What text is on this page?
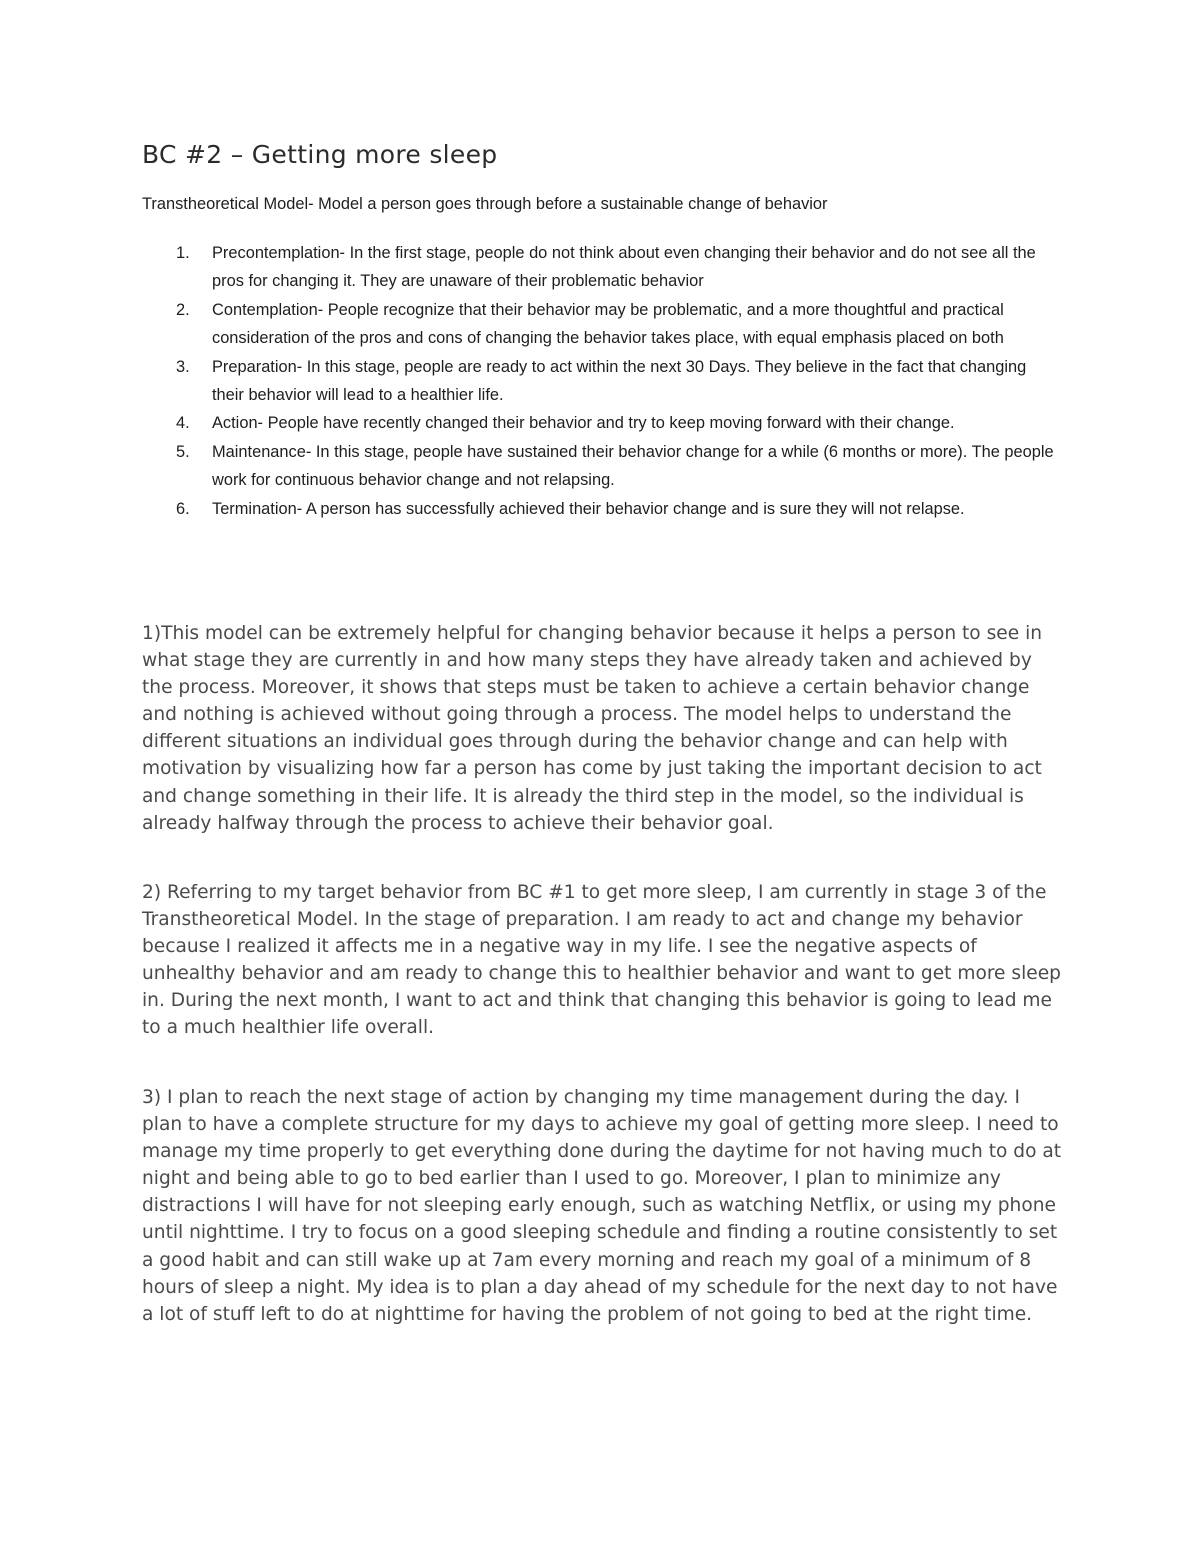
BC #2 – Getting more sleep

Transtheoretical Model- Model a person goes through before a sustainable change of behavior

1. Precontemplation- In the first stage, people do not think about even changing their behavior and do not see all the pros for changing it. They are unaware of their problematic behavior
2. Contemplation- People recognize that their behavior may be problematic, and a more thoughtful and practical consideration of the pros and cons of changing the behavior takes place, with equal emphasis placed on both
3. Preparation- In this stage, people are ready to act within the next 30 Days. They believe in the fact that changing their behavior will lead to a healthier life.
4. Action- People have recently changed their behavior and try to keep moving forward with their change.
5. Maintenance- In this stage, people have sustained their behavior change for a while (6 months or more). The people work for continuous behavior change and not relapsing.
6. Termination- A person has successfully achieved their behavior change and is sure they will not relapse.

1)This model can be extremely helpful for changing behavior because it helps a person to see in what stage they are currently in and how many steps they have already taken and achieved by the process. Moreover, it shows that steps must be taken to achieve a certain behavior change and nothing is achieved without going through a process. The model helps to understand the different situations an individual goes through during the behavior change and can help with motivation by visualizing how far a person has come by just taking the important decision to act and change something in their life. It is already the third step in the model, so the individual is already halfway through the process to achieve their behavior goal.

2) Referring to my target behavior from BC #1 to get more sleep, I am currently in stage 3 of the Transtheoretical Model. In the stage of preparation. I am ready to act and change my behavior because I realized it affects me in a negative way in my life. I see the negative aspects of unhealthy behavior and am ready to change this to healthier behavior and want to get more sleep in. During the next month, I want to act and think that changing this behavior is going to lead me to a much healthier life overall.

3) I plan to reach the next stage of action by changing my time management during the day. I plan to have a complete structure for my days to achieve my goal of getting more sleep. I need to manage my time properly to get everything done during the daytime for not having much to do at night and being able to go to bed earlier than I used to go. Moreover, I plan to minimize any distractions I will have for not sleeping early enough, such as watching Netflix, or using my phone until nighttime. I try to focus on a good sleeping schedule and finding a routine consistently to set a good habit and can still wake up at 7am every morning and reach my goal of a minimum of 8 hours of sleep a night. My idea is to plan a day ahead of my schedule for the next day to not have a lot of stuff left to do at nighttime for having the problem of not going to bed at the right time.
